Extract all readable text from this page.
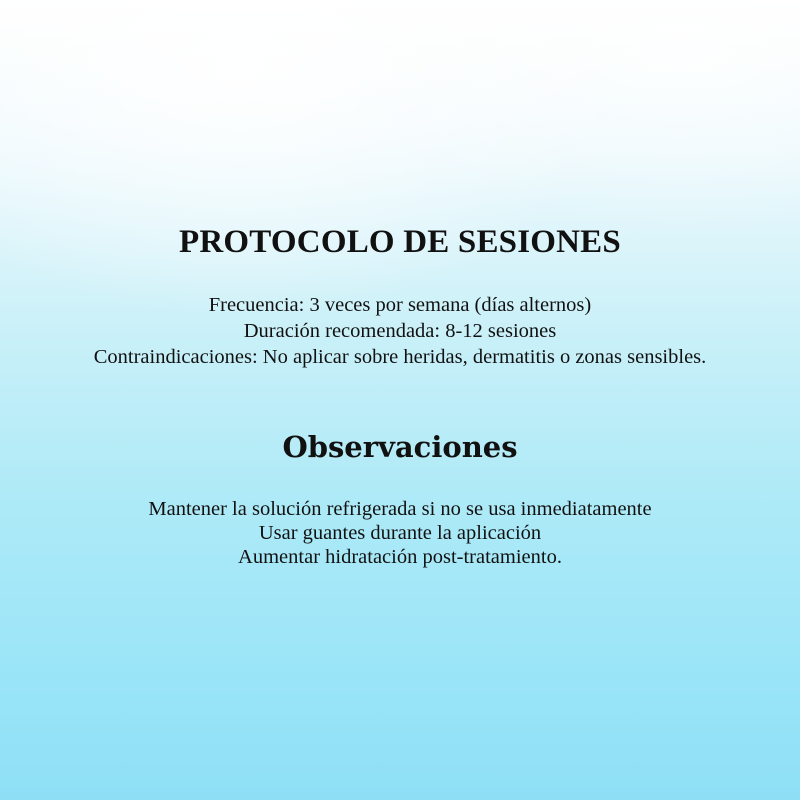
PROTOCOLO DE SESIONES
Frecuencia: 3 veces por semana (días alternos)
Duración recomendada: 8-12 sesiones
Contraindicaciones: No aplicar sobre heridas, dermatitis o zonas sensibles.
Observaciones
Mantener la solución refrigerada si no se usa inmediatamente
Usar guantes durante la aplicación
Aumentar hidratación post-tratamiento.
